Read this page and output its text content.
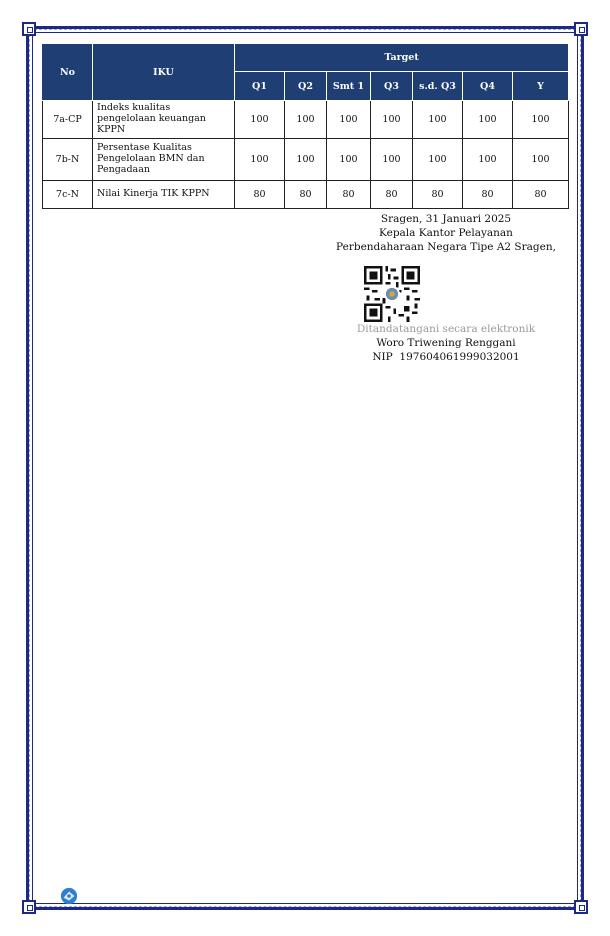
No	IKU	Target						
		Q1	Q2	Smt 1	Q3	s.d. Q3	Q4	Y
7a-CP	Indeks kualitas pengelolaan keuangan KPPN	100	100	100	100	100	100	100
7b-N	Persentase Kualitas Pengelolaan BMN dan Pengadaan	100	100	100	100	100	100	100
7c-N	Nilai Kinerja TIK KPPN	80	80	80	80	80	80	80
Sragen, 31 Januari 2025
Kepala Kantor Pelayanan
Perbendaharaan Negara Tipe A2 Sragen,
Ditandatangani secara elektronik
Woro Triwening Renggani
NIP 197604061999032001
